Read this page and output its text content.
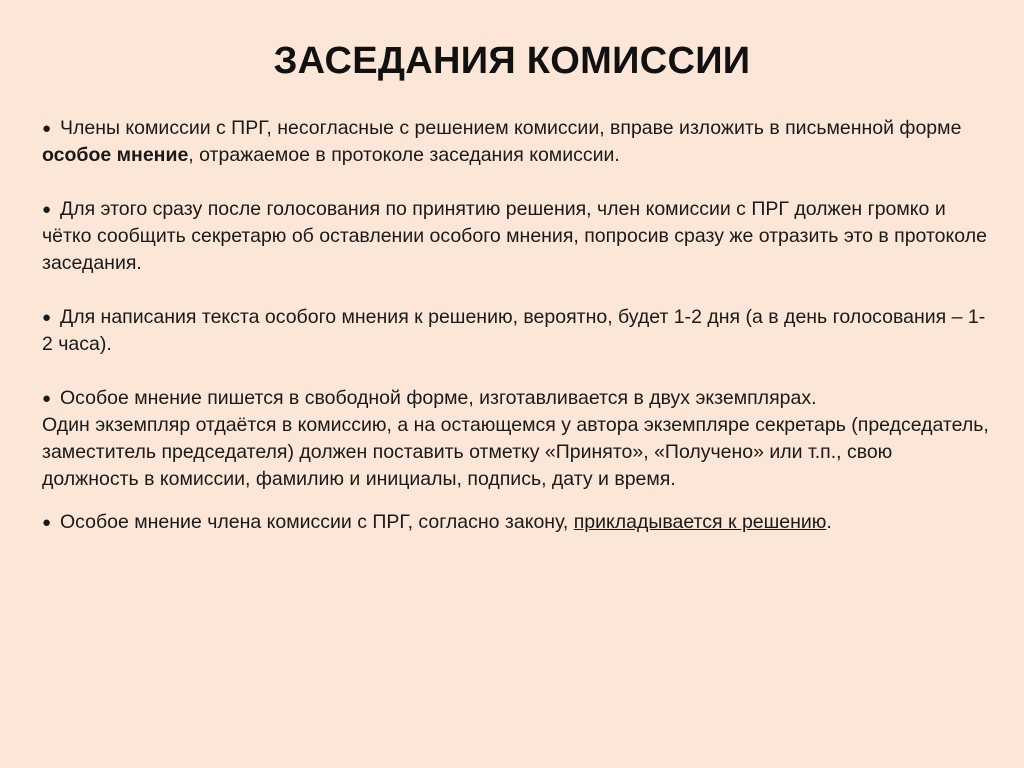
ЗАСЕДАНИЯ КОМИССИИ

● Члены комиссии с ПРГ, несогласные с решением комиссии, вправе изложить в письменной форме особое мнение, отражаемое в протоколе заседания комиссии.

● Для этого сразу после голосования по принятию решения, член комиссии с ПРГ должен громко и чётко сообщить секретарю об оставлении особого мнения, попросив сразу же отразить это в протоколе заседания.

● Для написания текста особого мнения к решению, вероятно, будет 1-2 дня (а в день голосования – 1-2 часа).

● Особое мнение пишется в свободной форме, изготавливается в двух экземплярах.
Один экземпляр отдаётся в комиссию, а на остающемся у автора экземпляре секретарь (председатель, заместитель председателя) должен поставить отметку «Принято», «Получено» или т.п., свою должность в комиссии, фамилию и инициалы, подпись, дату и время.

● Особое мнение члена комиссии с ПРГ, согласно закону, прикладывается к решению.
